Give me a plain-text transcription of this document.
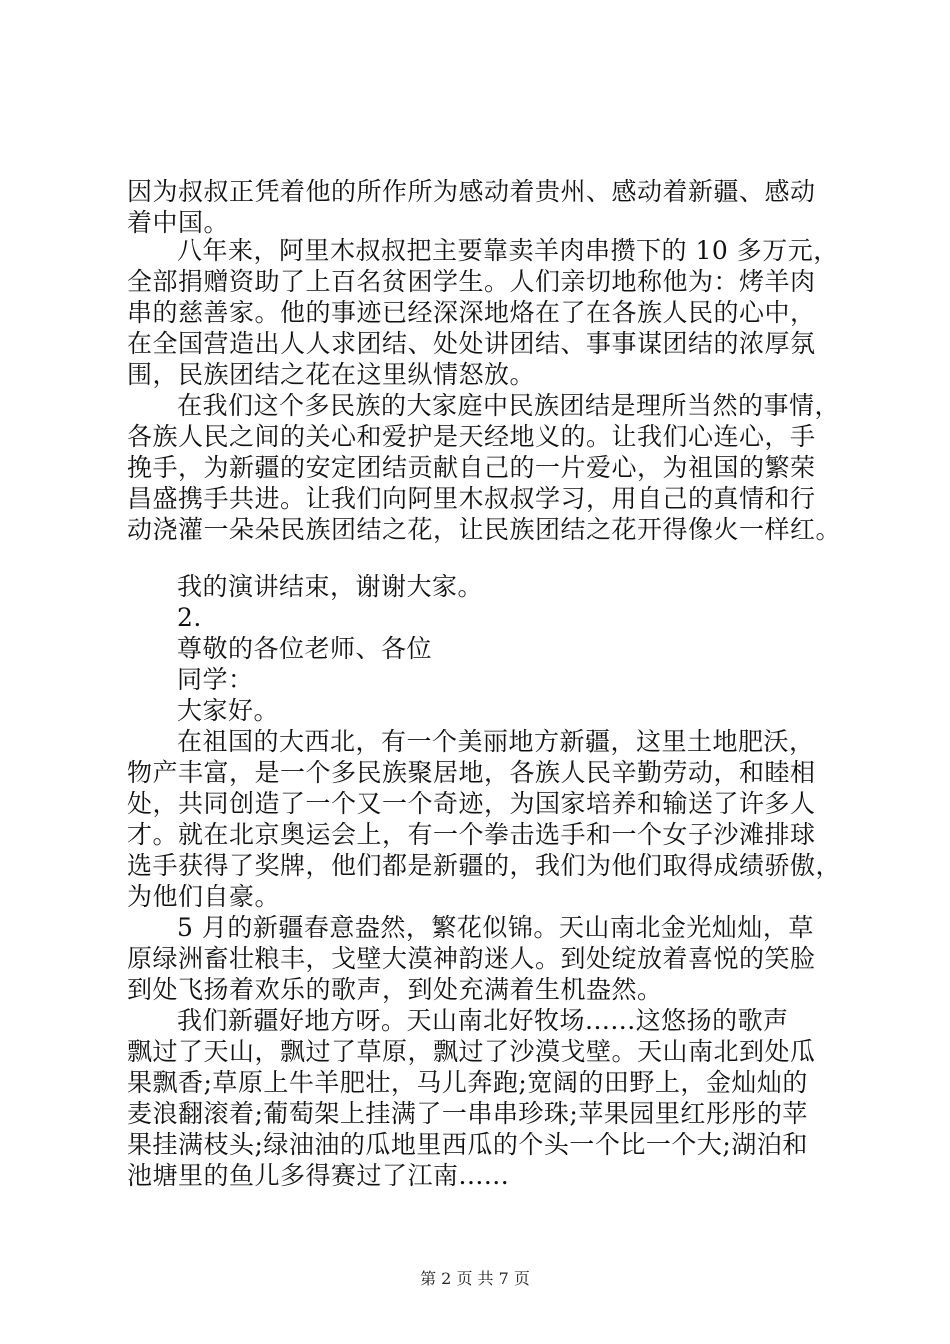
因为叔叔正凭着他的所作所为感动着贵州、感动着新疆、感动
着中国。
八年来，阿里木叔叔把主要靠卖羊肉串攒下的 10 多万元，
全部捐赠资助了上百名贫困学生。人们亲切地称他为：烤羊肉
串的慈善家。他的事迹已经深深地烙在了在各族人民的心中，
在全国营造出人人求团结、处处讲团结、事事谋团结的浓厚氛
围，民族团结之花在这里纵情怒放。
在我们这个多民族的大家庭中民族团结是理所当然的事情，
各族人民之间的关心和爱护是天经地义的。让我们心连心，手
挽手，为新疆的安定团结贡献自己的一片爱心，为祖国的繁荣
昌盛携手共进。让我们向阿里木叔叔学习，用自己的真情和行
动浇灌一朵朵民族团结之花，让民族团结之花开得像火一样红。
我的演讲结束，谢谢大家。
2.
尊敬的各位老师、各位
同学：
大家好。
在祖国的大西北，有一个美丽地方新疆，这里土地肥沃，
物产丰富，是一个多民族聚居地，各族人民辛勤劳动，和睦相
处，共同创造了一个又一个奇迹，为国家培养和输送了许多人
才。就在北京奥运会上，有一个拳击选手和一个女子沙滩排球
选手获得了奖牌，他们都是新疆的，我们为他们取得成绩骄傲，
为他们自豪。
5 月的新疆春意盎然，繁花似锦。天山南北金光灿灿，草
原绿洲畜壮粮丰，戈壁大漠神韵迷人。到处绽放着喜悦的笑脸
到处飞扬着欢乐的歌声，到处充满着生机盎然。
我们新疆好地方呀。天山南北好牧场......这悠扬的歌声
飘过了天山，飘过了草原，飘过了沙漠戈壁。天山南北到处瓜
果飘香;草原上牛羊肥壮，马儿奔跑;宽阔的田野上，金灿灿的
麦浪翻滚着;葡萄架上挂满了一串串珍珠;苹果园里红彤彤的苹
果挂满枝头;绿油油的瓜地里西瓜的个头一个比一个大;湖泊和
池塘里的鱼儿多得赛过了江南......
第 2 页 共 7 页
